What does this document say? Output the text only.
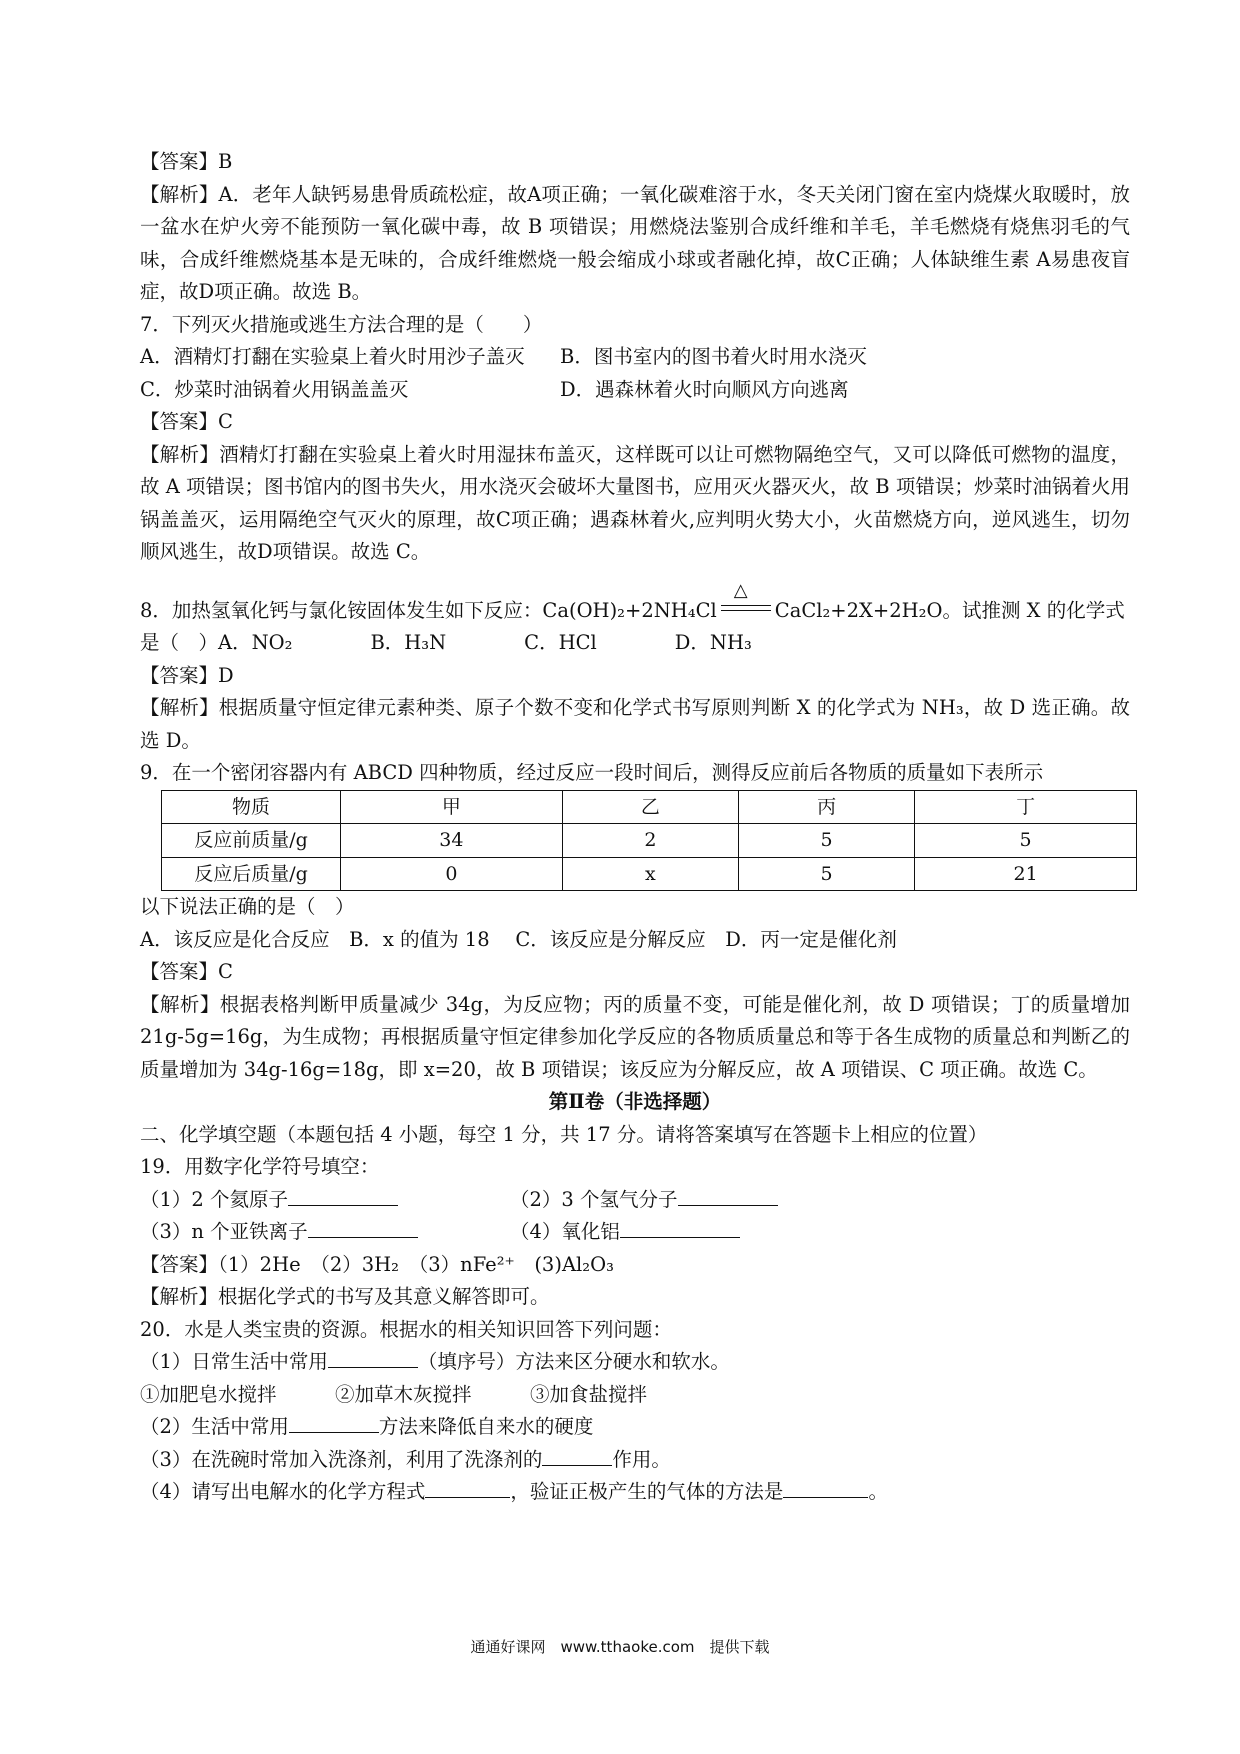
【答案】B
【解析】A．老年人缺钙易患骨质疏松症，故A项正确；一氧化碳难溶于水，冬天关闭门窗在室内烧煤火取暖时，放一盆水在炉火旁不能预防一氧化碳中毒，故 B 项错误；用燃烧法鉴别合成纤维和羊毛，羊毛燃烧有烧焦羽毛的气味，合成纤维燃烧基本是无味的，合成纤维燃烧一般会缩成小球或者融化掉，故C正确；人体缺维生素 A易患夜盲症，故D项正确。故选 B。
7．下列灭火措施或逃生方法合理的是（　　）
A．酒精灯打翻在实验桌上着火时用沙子盖灭	B．图书室内的图书着火时用水浇灭
C．炒菜时油锅着火用锅盖盖灭	D．遇森林着火时向顺风方向逃离
【答案】C
【解析】酒精灯打翻在实验桌上着火时用湿抹布盖灭，这样既可以让可燃物隔绝空气，又可以降低可燃物的温度，故 A 项错误；图书馆内的图书失火，用水浇灭会破坏大量图书，应用灭火器灭火，故 B 项错误；炒菜时油锅着火用锅盖盖灭，运用隔绝空气灭火的原理，故C项正确；遇森林着火,应判明火势大小，火苗燃烧方向，逆风逃生，切勿顺风逃生，故D项错误。故选 C。
8．加热氢氧化钙与氯化铵固体发生如下反应：Ca(OH)₂+2NH₄Cl
△
CaCl₂+2X+2H₂O。试推测 X 的化学式
是（　）A．NO₂　　　　B．H₃N　　　　C．HCl　　　　D．NH₃
【答案】D
【解析】根据质量守恒定律元素种类、原子个数不变和化学式书写原则判断 X 的化学式为 NH₃，故 D 选正确。故选 D。
9．在一个密闭容器内有 ABCD 四种物质，经过反应一段时间后，测得反应前后各物质的质量如下表所示
物质	甲	乙	丙	丁
反应前质量/g	34	2	5	5
反应后质量/g	0	x	5	21
以下说法正确的是（　）
A．该反应是化合反应　B．x 的值为 18　 C．该反应是分解反应　D．丙一定是催化剂
【答案】C
【解析】根据表格判断甲质量减少 34g，为反应物；丙的质量不变，可能是催化剂，故 D 项错误；丁的质量增加 21g-5g=16g，为生成物；再根据质量守恒定律参加化学反应的各物质质量总和等于各生成物的质量总和判断乙的质量增加为 34g-16g=18g，即 x=20，故 B 项错误；该反应为分解反应，故 A 项错误、C 项正确。故选 C。
第Ⅱ卷（非选择题）
二、化学填空题（本题包括 4 小题，每空 1 分，共 17 分。请将答案填写在答题卡上相应的位置）
19．用数字化学符号填空：
（1）2 个氦原子	（2）3 个氢气分子
（3）n 个亚铁离子	（4）氧化铝
【答案】（1）2He　（2）3H₂　（3）nFe²⁺　(3)Al₂O₃
【解析】根据化学式的书写及其意义解答即可。
20．水是人类宝贵的资源。根据水的相关知识回答下列问题：
（1）日常生活中常用	（填序号）方法来区分硬水和软水。
①加肥皂水搅拌　　　②加草木灰搅拌　　　③加食盐搅拌
（2）生活中常用	方法来降低自来水的硬度
（3）在洗碗时常加入洗涤剂，利用了洗涤剂的	作用。
（4）请写出电解水的化学方程式	，验证正极产生的气体的方法是	。
通通好课网　www.tthaoke.com　提供下载
